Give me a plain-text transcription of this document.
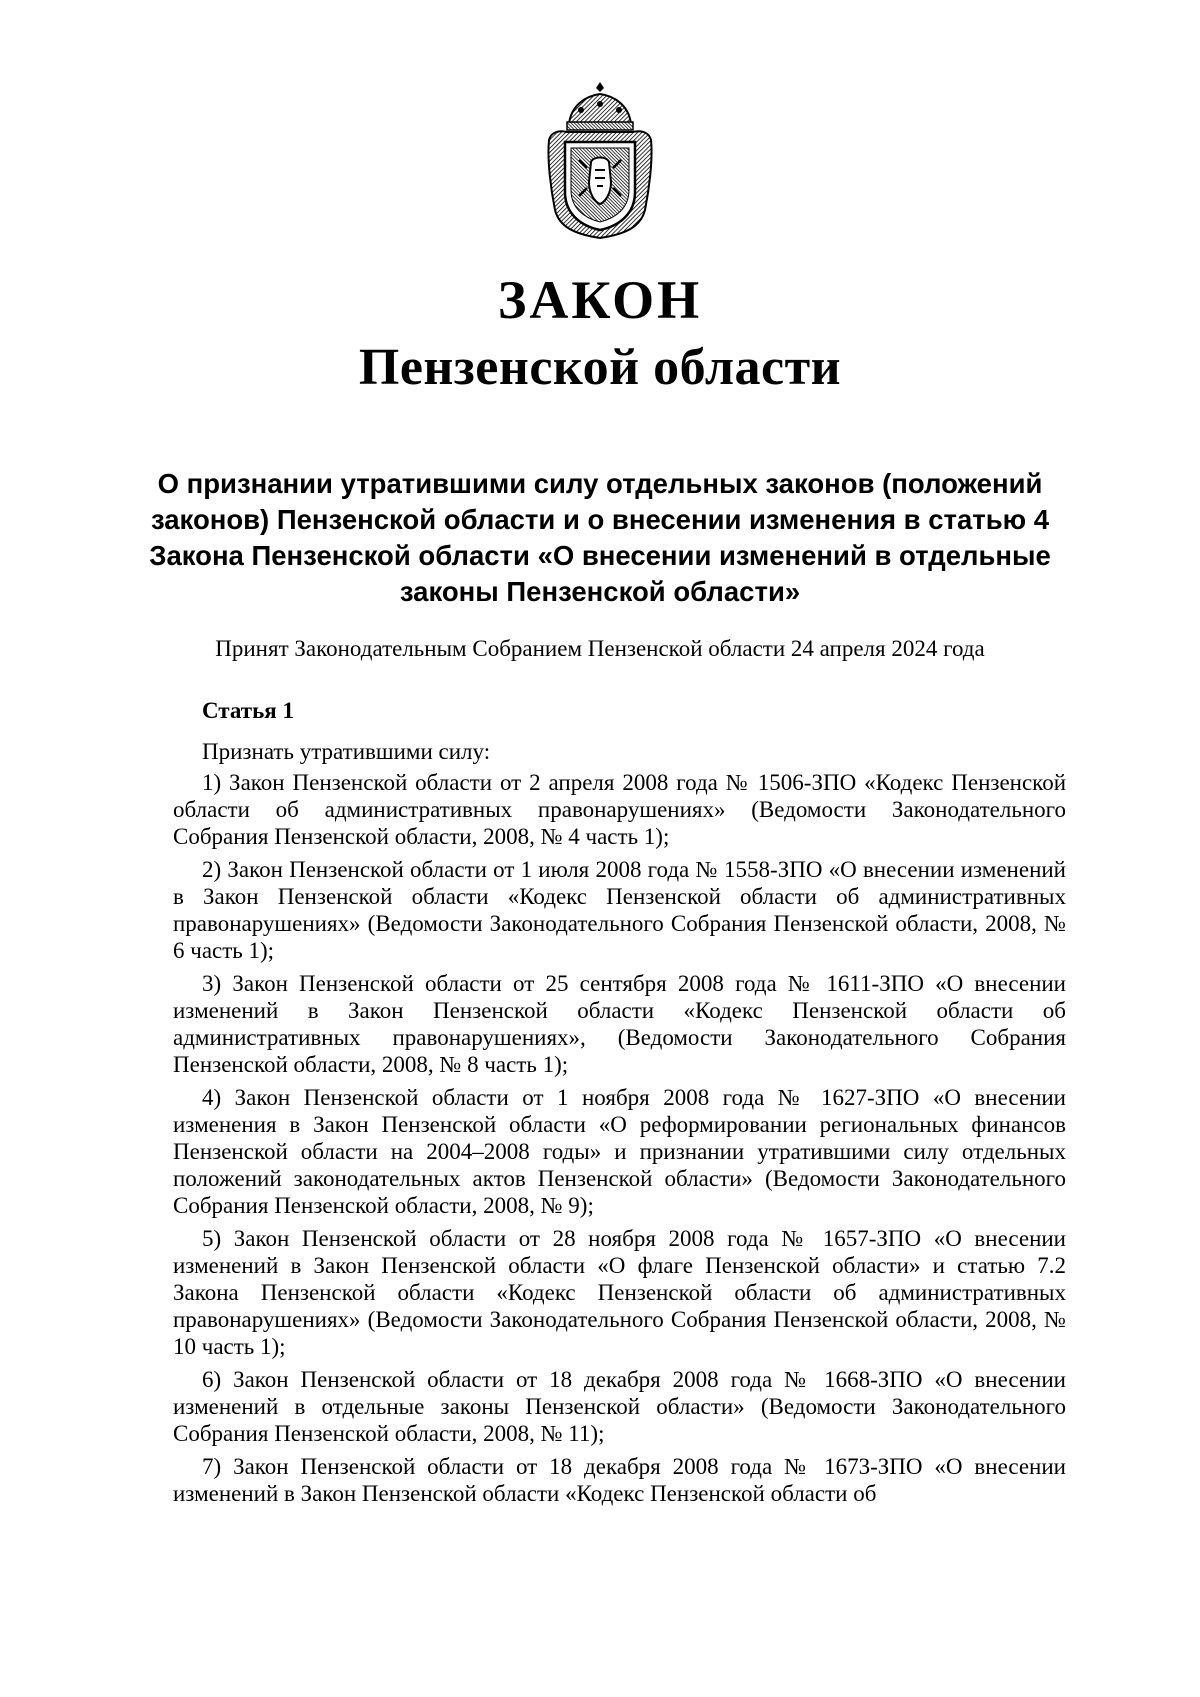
ЗАКОН
Пензенской области
О признании утратившими силу отдельных законов (положений законов) Пензенской области и о внесении изменения в статью 4 Закона Пензенской области «О внесении изменений в отдельные законы Пензенской области»
Принят Законодательным Собранием Пензенской области 24 апреля 2024 года
Статья 1

Признать утратившими силу:

1) Закон Пензенской области от 2 апреля 2008 года № 1506-ЗПО «Кодекс Пензенской области об административных правонарушениях» (Ведомости Законодательного Собрания Пензенской области, 2008, № 4 часть 1);

2) Закон Пензенской области от 1 июля 2008 года № 1558-ЗПО «О внесении изменений в Закон Пензенской области «Кодекс Пензенской области об административных правонарушениях» (Ведомости Законодательного Собрания Пензенской области, 2008, № 6 часть 1);

3) Закон Пензенской области от 25 сентября 2008 года № 1611-ЗПО «О внесении изменений в Закон Пензенской области «Кодекс Пензенской области об административных правонарушениях», (Ведомости Законодательного Собрания Пензенской области, 2008, № 8 часть 1);

4) Закон Пензенской области от 1 ноября 2008 года № 1627-ЗПО «О внесении изменения в Закон Пензенской области «О реформировании региональных финансов Пензенской области на 2004–2008 годы» и признании утратившими силу отдельных положений законодательных актов Пензенской области» (Ведомости Законодательного Собрания Пензенской области, 2008, № 9);

5) Закон Пензенской области от 28 ноября 2008 года № 1657-ЗПО «О внесении изменений в Закон Пензенской области «О флаге Пензенской области» и статью 7.2 Закона Пензенской области «Кодекс Пензенской области об административных правонарушениях» (Ведомости Законодательного Собрания Пензенской области, 2008, № 10 часть 1);

6) Закон Пензенской области от 18 декабря 2008 года № 1668-ЗПО «О внесении изменений в отдельные законы Пензенской области» (Ведомости Законодательного Собрания Пензенской области, 2008, № 11);

7) Закон Пензенской области от 18 декабря 2008 года № 1673-ЗПО «О внесении изменений в Закон Пензенской области «Кодекс Пензенской области об
